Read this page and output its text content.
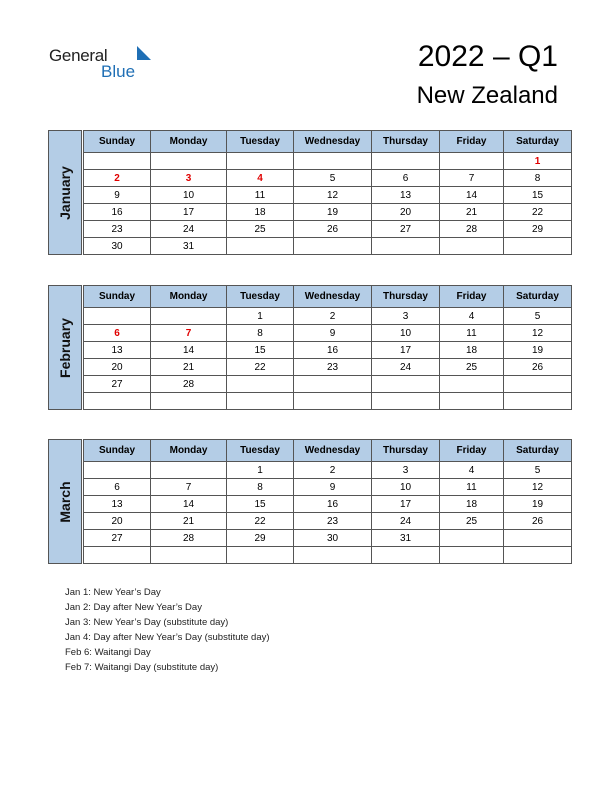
General
Blue	2022 – Q1
New Zealand
January
Sunday	Monday	Tuesday	Wednesday	Thursday	Friday	Saturday
						1
2	3	4	5	6	7	8
9	10	11	12	13	14	15
16	17	18	19	20	21	22
23	24	25	26	27	28	29
30	31					
February
Sunday	Monday	Tuesday	Wednesday	Thursday	Friday	Saturday
		1	2	3	4	5
6	7	8	9	10	11	12
13	14	15	16	17	18	19
20	21	22	23	24	25	26
27	28					

March
Sunday	Monday	Tuesday	Wednesday	Thursday	Friday	Saturday
		1	2	3	4	5
6	7	8	9	10	11	12
13	14	15	16	17	18	19
20	21	22	23	24	25	26
27	28	29	30	31		

Jan 1: New Year’s Day
Jan 2: Day after New Year’s Day
Jan 3: New Year’s Day (substitute day)
Jan 4: Day after New Year’s Day (substitute day)
Feb 6: Waitangi Day
Feb 7: Waitangi Day (substitute day)
